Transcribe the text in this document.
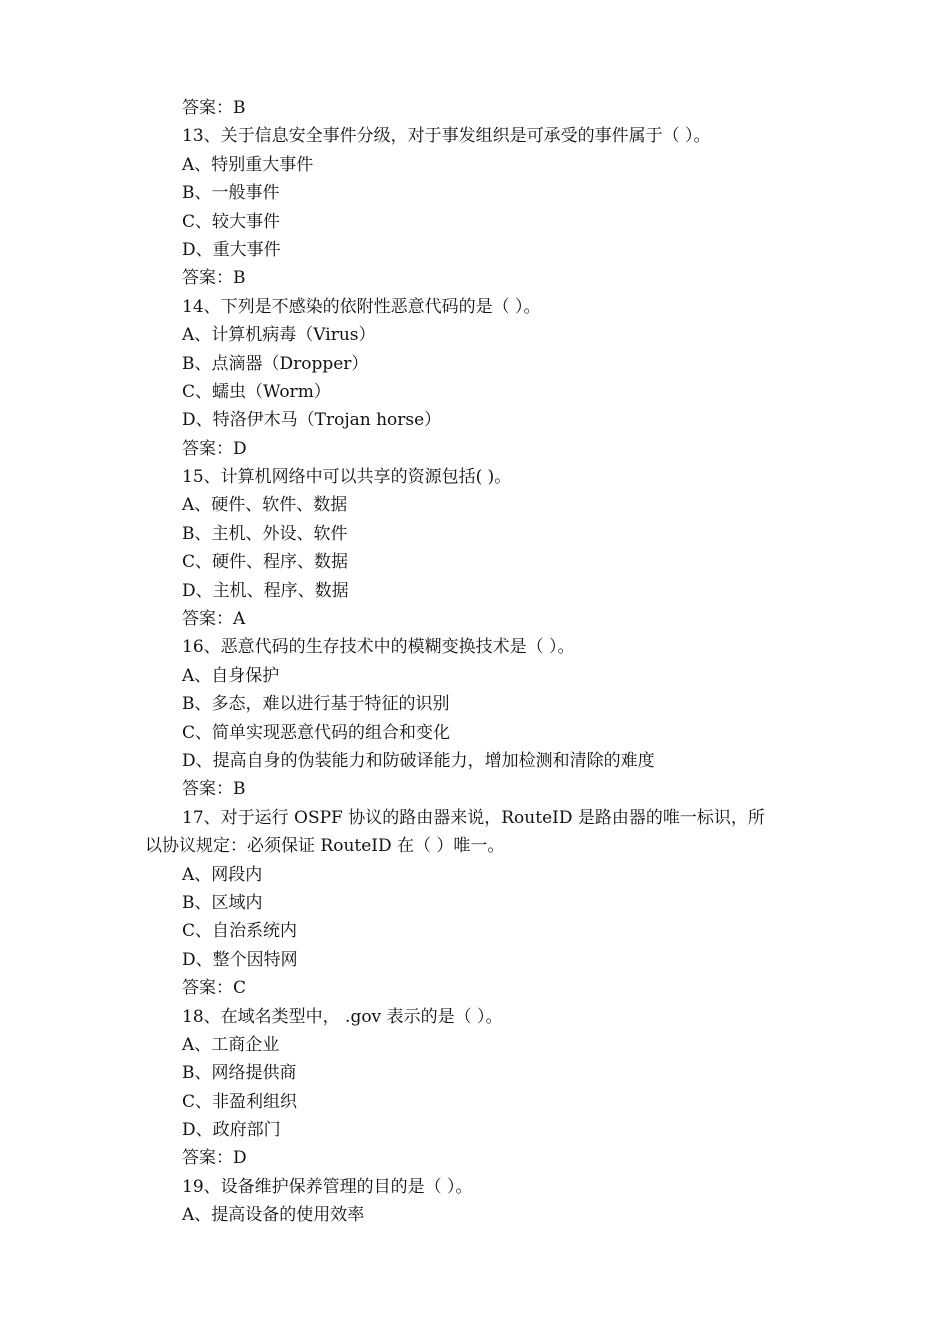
答案：B
13、关于信息安全事件分级，对于事发组织是可承受的事件属于（ ）。
A、特别重大事件
B、一般事件
C、较大事件
D、重大事件
答案：B
14、下列是不感染的依附性恶意代码的是（ ）。
A、计算机病毒（Virus）
B、点滴器（Dropper）
C、蠕虫（Worm）
D、特洛伊木马（Trojan horse）
答案：D
15、计算机网络中可以共享的资源包括( )。
A、硬件、软件、数据
B、主机、外设、软件
C、硬件、程序、数据
D、主机、程序、数据
答案：A
16、恶意代码的生存技术中的模糊变换技术是（ ）。
A、自身保护
B、多态，难以进行基于特征的识别
C、简单实现恶意代码的组合和变化
D、提高自身的伪装能力和防破译能力，增加检测和清除的难度
答案：B
17、对于运行 OSPF 协议的路由器来说，RouteID 是路由器的唯一标识，所
以协议规定：必须保证 RouteID 在（ ）唯一。
A、网段内
B、区域内
C、自治系统内
D、整个因特网
答案：C
18、在域名类型中， .gov 表示的是（ ）。
A、工商企业
B、网络提供商
C、非盈利组织
D、政府部门
答案：D
19、设备维护保养管理的目的是（ ）。
A、提高设备的使用效率
